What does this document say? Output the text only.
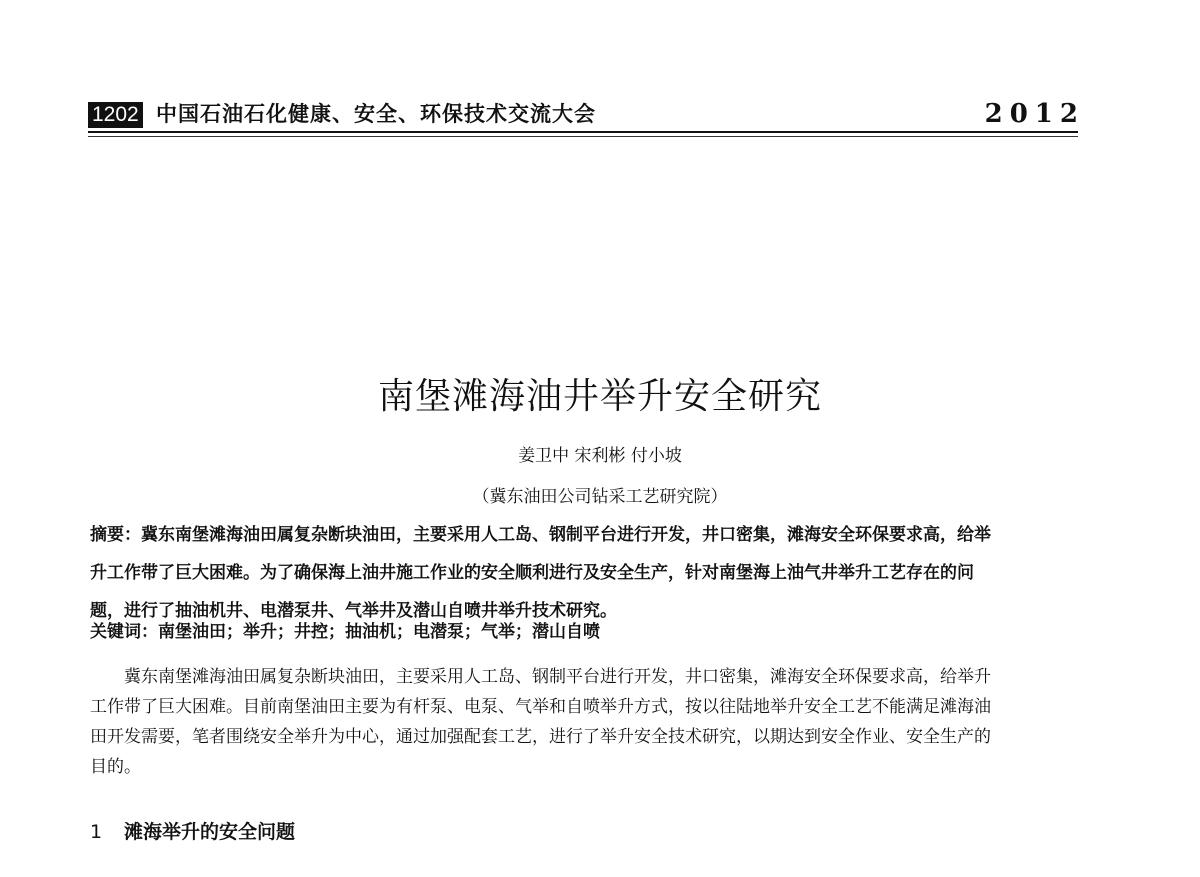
1202 中国石油石化健康、安全、环保技术交流大会	2012
南堡滩海油井举升安全研究
姜卫中 宋利彬 付小坡
（冀东油田公司钻采工艺研究院）

摘要：冀东南堡滩海油田属复杂断块油田，主要采用人工岛、钢制平台进行开发，井口密集，滩海安全环保要求高，给举
升工作带了巨大困难。为了确保海上油井施工作业的安全顺利进行及安全生产，针对南堡海上油气井举升工艺存在的问
题，进行了抽油机井、电潜泵井、气举井及潜山自喷井举升技术研究。

关键词：南堡油田；举升；井控；抽油机；电潜泵；气举；潜山自喷

冀东南堡滩海油田属复杂断块油田，主要采用人工岛、钢制平台进行开发，井口密集，滩海安全环保要求高，给举升
工作带了巨大困难。目前南堡油田主要为有杆泵、电泵、气举和自喷举升方式，按以往陆地举升安全工艺不能满足滩海油
田开发需要，笔者围绕安全举升为中心，通过加强配套工艺，进行了举升安全技术研究，以期达到安全作业、安全生产的
目的。

1 滩海举升的安全问题
